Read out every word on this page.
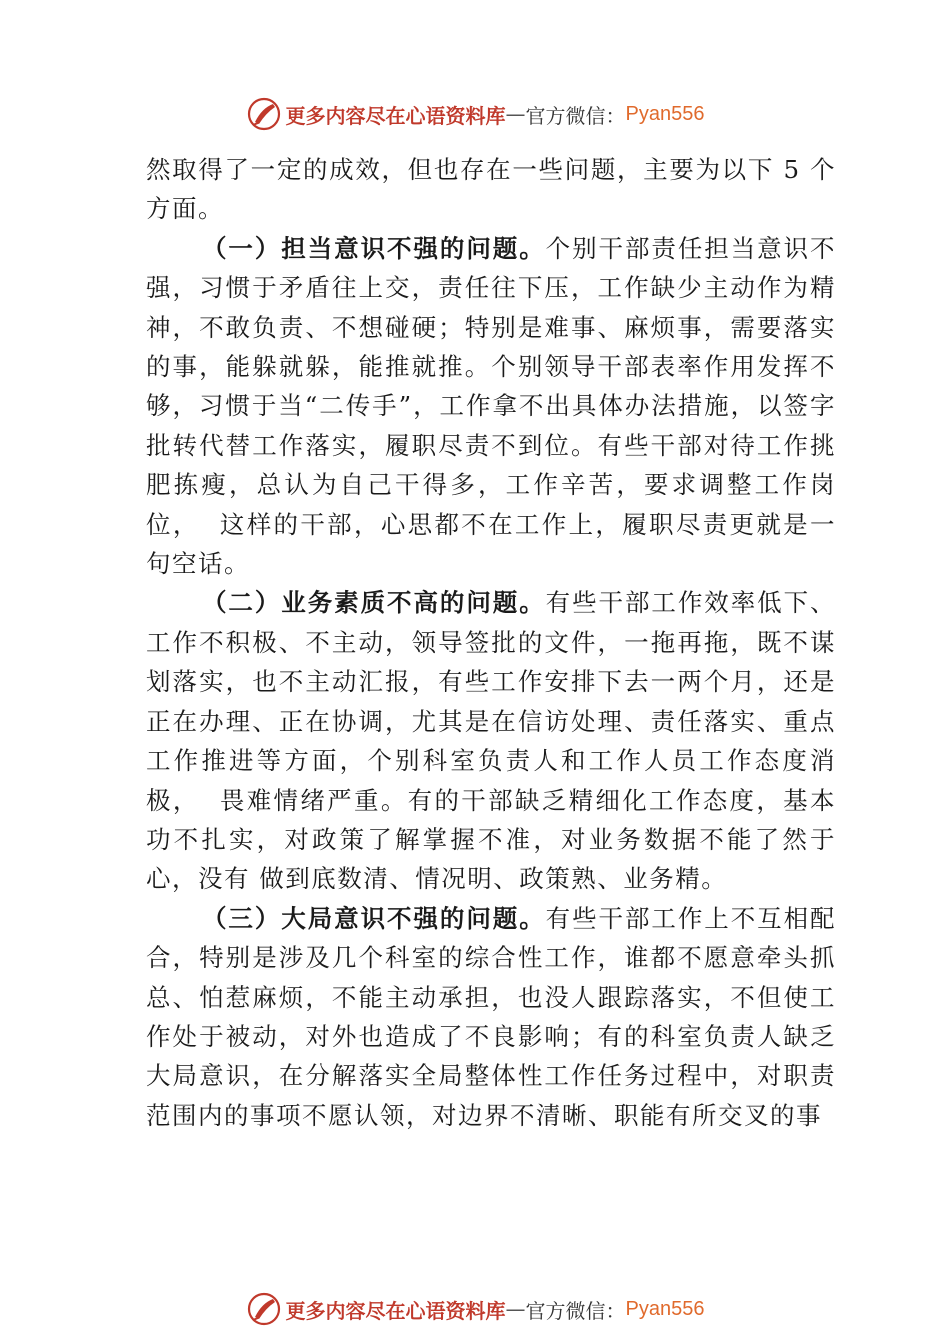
更多内容尽在心语资料库 — 官方微信： Pyan556

然取得了一定的成效，但也存在一些问题，主要为以下 5 个方面。

（一）担当意识不强的问题。个别干部责任担当意识不强，习惯于矛盾往上交，责任往下压，工作缺少主动作为精神，不敢负责、不想碰硬；特别是难事、麻烦事，需要落实的事，能躲就躲，能推就推。个别领导干部表率作用发挥不够，习惯于当“二传手”，工作拿不出具体办法措施，以签字批转代替工作落实，履职尽责不到位。有些干部对待工作挑肥拣瘦，总认为自己干得多，工作辛苦，要求调整工作岗位，  这样的干部，心思都不在工作上，履职尽责更就是一句空话。

（二）业务素质不高的问题。有些干部工作效率低下、工作不积极、不主动，领导签批的文件，一拖再拖，既不谋划落实，也不主动汇报，有些工作安排下去一两个月，还是正在办理、正在协调，尤其是在信访处理、责任落实、重点工作推进等方面，个别科室负责人和工作人员工作态度消极，  畏难情绪严重。有的干部缺乏精细化工作态度，基本功不扎实，对政策了解掌握不准，对业务数据不能了然于心，没有 做到底数清、情况明、政策熟、业务精。

（三）大局意识不强的问题。有些干部工作上不互相配合，特别是涉及几个科室的综合性工作，谁都不愿意牵头抓总、怕惹麻烦，不能主动承担，也没人跟踪落实，不但使工作处于被动，对外也造成了不良影响；有的科室负责人缺乏大局意识，在分解落实全局整体性工作任务过程中，对职责范围内的事项不愿认领，对边界不清晰、职能有所交叉的事

更多内容尽在心语资料库 — 官方微信： Pyan556
